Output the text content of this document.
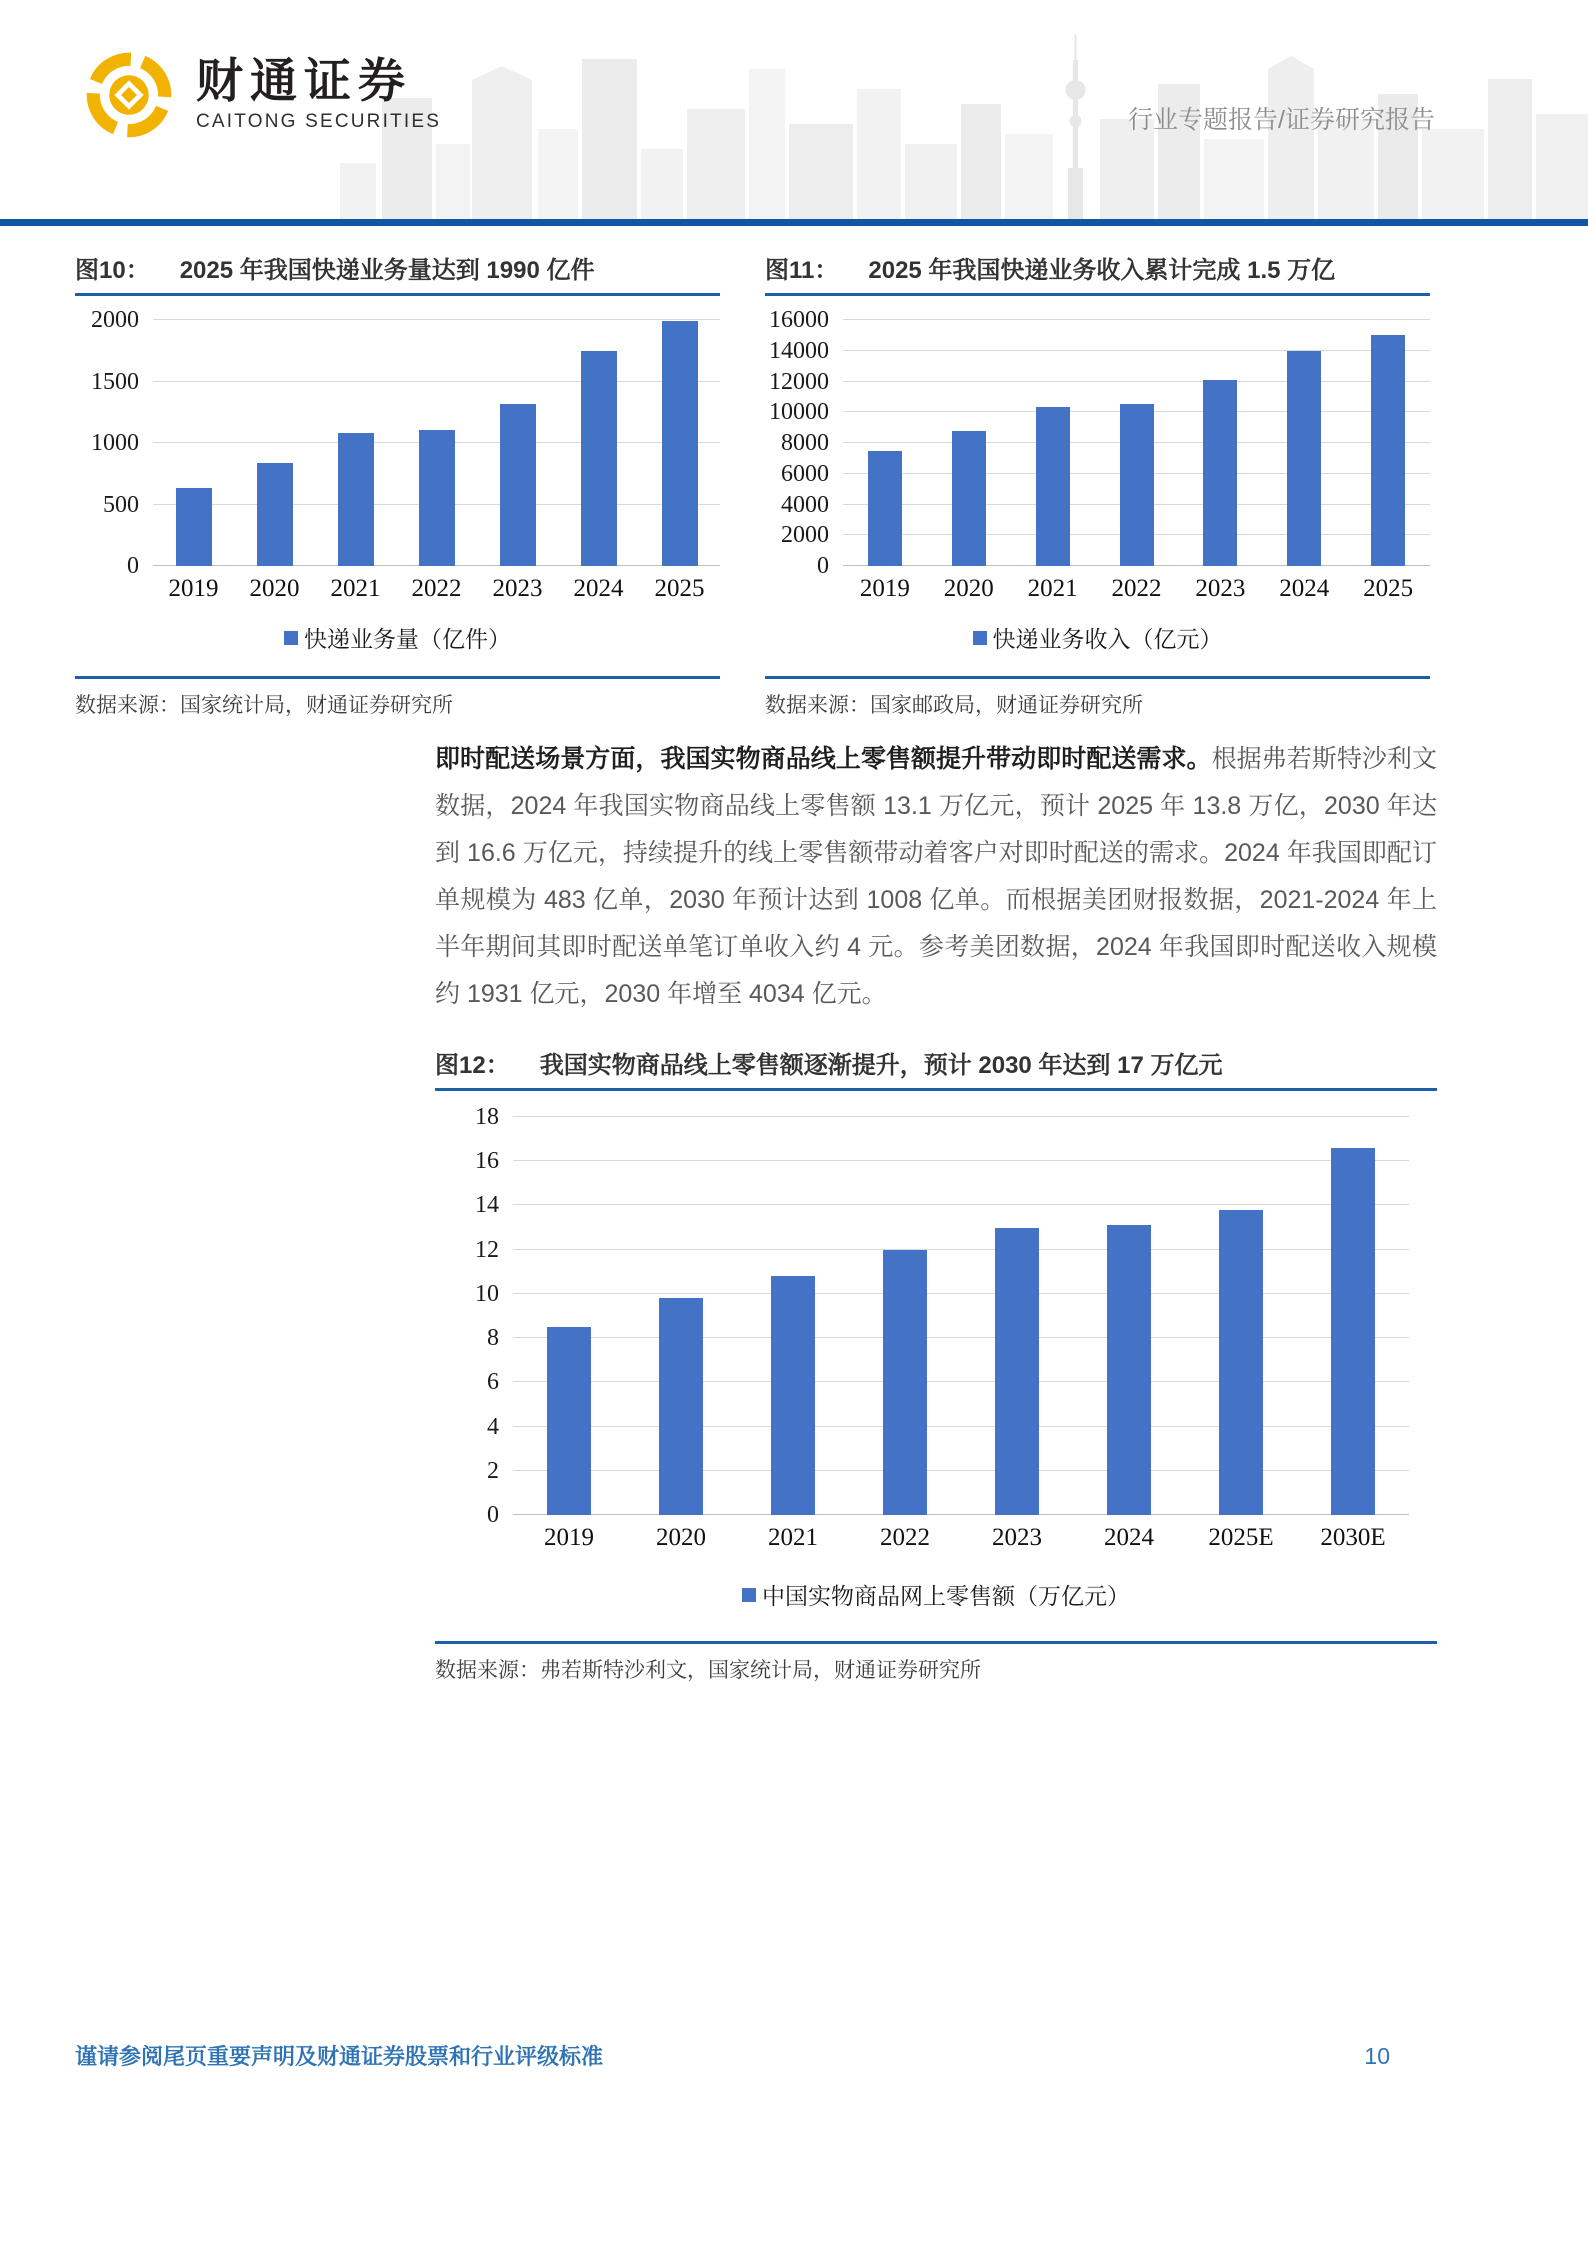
财通证券
CAITONG SECURITIES	行业专题报告/证券研究报告
图10： 2025 年我国快递业务量达到 1990 亿件
0
500
1000
1500
2000
2019	2020	2021	2022	2023	2024	2025
快递业务量（亿件）
数据来源：国家统计局，财通证券研究所
图11： 2025 年我国快递业务收入累计完成 1.5 万亿
0
2000
4000
6000
8000
10000
12000
14000
16000
2019	2020	2021	2022	2023	2024	2025
快递业务收入（亿元）
数据来源：国家邮政局，财通证券研究所

即时配送场景方面，我国实物商品线上零售额提升带动即时配送需求。根据弗若斯特沙利文数据，2024 年我国实物商品线上零售额 13.1 万亿元，预计 2025 年 13.8 万亿，2030 年达到 16.6 万亿元，持续提升的线上零售额带动着客户对即时配送的需求。2024 年我国即配订单规模为 483 亿单，2030 年预计达到 1008 亿单。而根据美团财报数据，2021-2024 年上半年期间其即时配送单笔订单收入约 4 元。参考美团数据，2024 年我国即时配送收入规模约 1931 亿元，2030 年增至 4034 亿元。

图12： 我国实物商品线上零售额逐渐提升，预计 2030 年达到 17 万亿元
0
2
4
6
8
10
12
14
16
18
2019	2020	2021	2022	2023	2024	2025E	2030E
中国实物商品网上零售额（万亿元）
数据来源：弗若斯特沙利文，国家统计局，财通证券研究所
谨请参阅尾页重要声明及财通证券股票和行业评级标准	10
